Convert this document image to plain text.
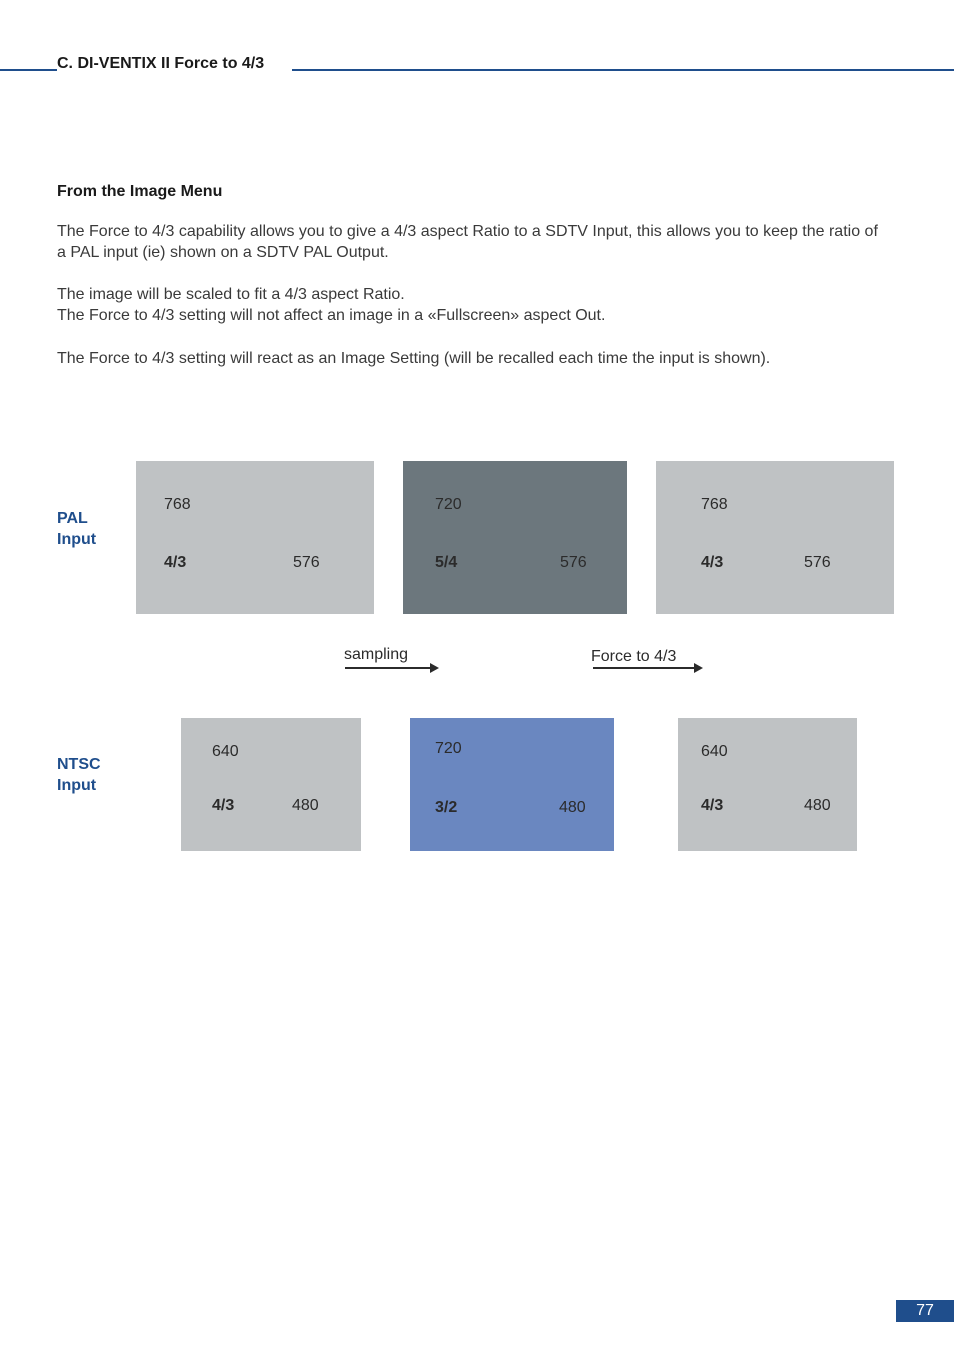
C. DI-VENTIX II Force to 4/3
From the Image Menu
The Force to 4/3 capability allows you to give a 4/3 aspect Ratio to a SDTV Input, this allows you to keep the ratio of a PAL input (ie) shown on a SDTV PAL Output.
The image will be scaled to fit a 4/3 aspect Ratio.
The Force to 4/3 setting will not affect an image in a «Fullscreen» aspect Out.
The Force to 4/3 setting will react as an Image Setting (will be recalled each time the input is shown).
PAL
Input
768
4/3	576
720
5/4	576
768
4/3	576
sampling	Force to 4/3
NTSC
Input
640
4/3	480
720
3/2	480
640
4/3	480
77
